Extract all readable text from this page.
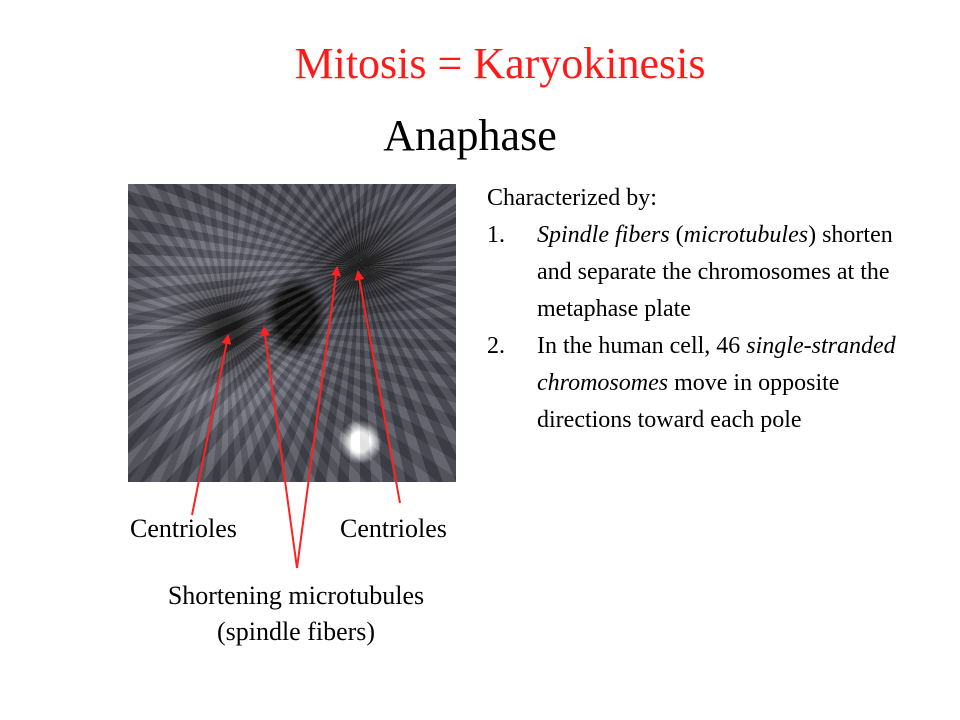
Mitosis = Karyokinesis
Anaphase
Centrioles	Centrioles
Shortening microtubules
(spindle fibers)

Characterized by:

1. Spindle fibers (microtubules) shorten and separate the chromosomes at the metaphase plate
2. In the human cell, 46 single-stranded chromosomes move in opposite directions toward each pole
